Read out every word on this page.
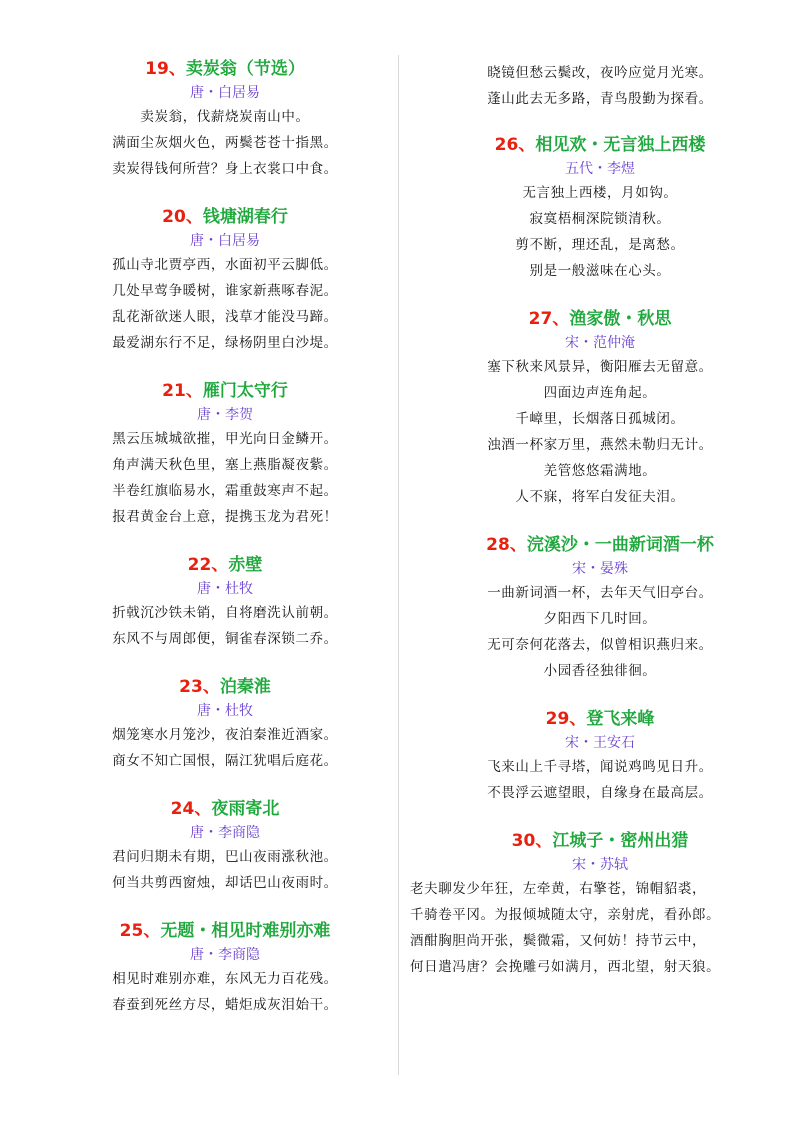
19、卖炭翁（节选）
唐・白居易
卖炭翁，伐薪烧炭南山中。
满面尘灰烟火色，两鬓苍苍十指黑。
卖炭得钱何所营？身上衣裳口中食。
20、钱塘湖春行
唐・白居易
孤山寺北贾亭西，水面初平云脚低。
几处早莺争暖树，谁家新燕啄春泥。
乱花渐欲迷人眼，浅草才能没马蹄。
最爱湖东行不足，绿杨阴里白沙堤。
21、雁门太守行
唐・李贺
黑云压城城欲摧，甲光向日金鳞开。
角声满天秋色里，塞上燕脂凝夜紫。
半卷红旗临易水，霜重鼓寒声不起。
报君黄金台上意，提携玉龙为君死！
22、赤壁
唐・杜牧
折戟沉沙铁未销，自将磨洗认前朝。
东风不与周郎便，铜雀春深锁二乔。
23、泊秦淮
唐・杜牧
烟笼寒水月笼沙，夜泊秦淮近酒家。
商女不知亡国恨，隔江犹唱后庭花。
24、夜雨寄北
唐・李商隐
君问归期未有期，巴山夜雨涨秋池。
何当共剪西窗烛，却话巴山夜雨时。
25、无题・相见时难别亦难
唐・李商隐
相见时难别亦难，东风无力百花残。
春蚕到死丝方尽，蜡炬成灰泪始干。
晓镜但愁云鬓改，夜吟应觉月光寒。
蓬山此去无多路，青鸟殷勤为探看。
26、相见欢・无言独上西楼
五代・李煜
无言独上西楼，月如钩。
寂寞梧桐深院锁清秋。
剪不断，理还乱，是离愁。
别是一般滋味在心头。
27、渔家傲・秋思
宋・范仲淹
塞下秋来风景异，衡阳雁去无留意。
四面边声连角起。
千嶂里，长烟落日孤城闭。
浊酒一杯家万里，燕然未勒归无计。
羌管悠悠霜满地。
人不寐，将军白发征夫泪。
28、浣溪沙・一曲新词酒一杯
宋・晏殊
一曲新词酒一杯，去年天气旧亭台。
夕阳西下几时回。
无可奈何花落去，似曾相识燕归来。
小园香径独徘徊。
29、登飞来峰
宋・王安石
飞来山上千寻塔，闻说鸡鸣见日升。
不畏浮云遮望眼，自缘身在最高层。
30、江城子・密州出猎
宋・苏轼
老夫聊发少年狂，左牵黄，右擎苍，锦帽貂裘，
千骑卷平冈。为报倾城随太守，亲射虎，看孙郎。
酒酣胸胆尚开张，鬓微霜，又何妨！持节云中，
何日遣冯唐？会挽雕弓如满月，西北望，射天狼。
